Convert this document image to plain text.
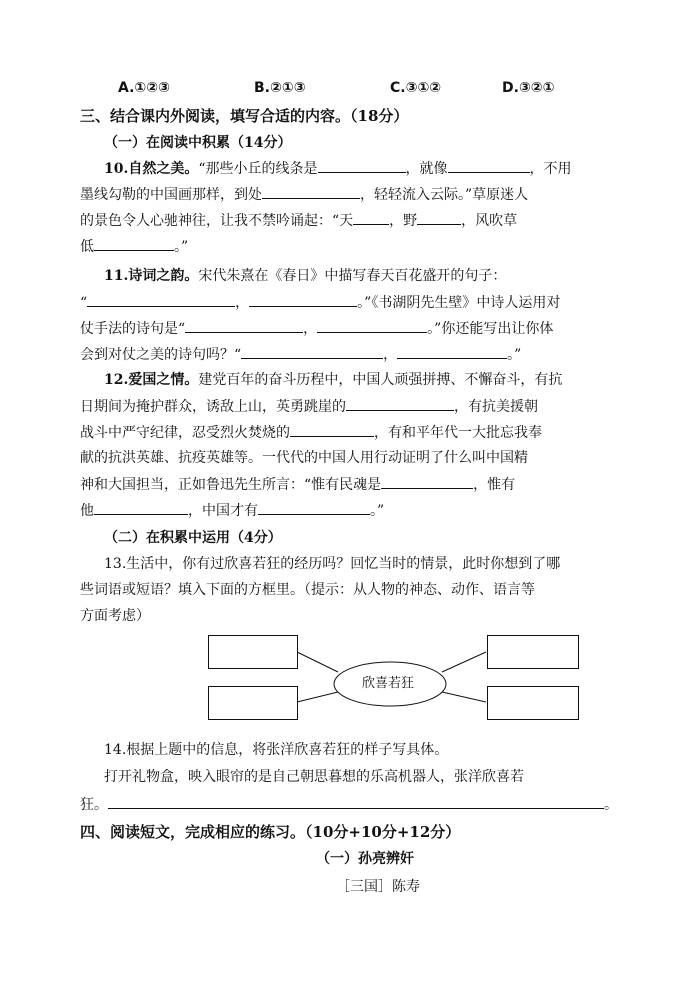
A.①②③	B.②①③	C.③①②	D.③②①
三、结合课内外阅读，填写合适的内容。（18分）
（一）在阅读中积累（14分）
10.自然之美。“那些小丘的线条是	，就像	，不用
墨线勾勒的中国画那样，到处	，轻轻流入云际。”草原迷人
的景色令人心驰神往，让我不禁吟诵起：“天	，野	，风吹草
低	。”
11.诗词之韵。宋代朱熹在《春日》中描写春天百花盛开的句子：
“	，	。”《书湖阴先生壁》中诗人运用对
仗手法的诗句是“	，	。”你还能写出让你体
会到对仗之美的诗句吗？“	，	。”
12.爱国之情。建党百年的奋斗历程中，中国人顽强拼搏、不懈奋斗，有抗
日期间为掩护群众，诱敌上山，英勇跳崖的	，有抗美援朝
战斗中严守纪律，忍受烈火焚烧的	，有和平年代一大批忘我奉
献的抗洪英雄、抗疫英雄等。一代代的中国人用行动证明了什么叫中国精
神和大国担当，正如鲁迅先生所言：“惟有民魂是	，惟有
他	，中国才有	。”
（二）在积累中运用（4分）
13.生活中，你有过欣喜若狂的经历吗？回忆当时的情景，此时你想到了哪
些词语或短语？填入下面的方框里。（提示：从人物的神态、动作、语言等
方面考虑）
欣喜若狂
14.根据上题中的信息，将张洋欣喜若狂的样子写具体。
打开礼物盒，映入眼帘的是自己朝思暮想的乐高机器人，张洋欣喜若
狂。	。
四、阅读短文，完成相应的练习。（10分+10分+12分）
（一）孙亮辨奸
［三国］陈寿
